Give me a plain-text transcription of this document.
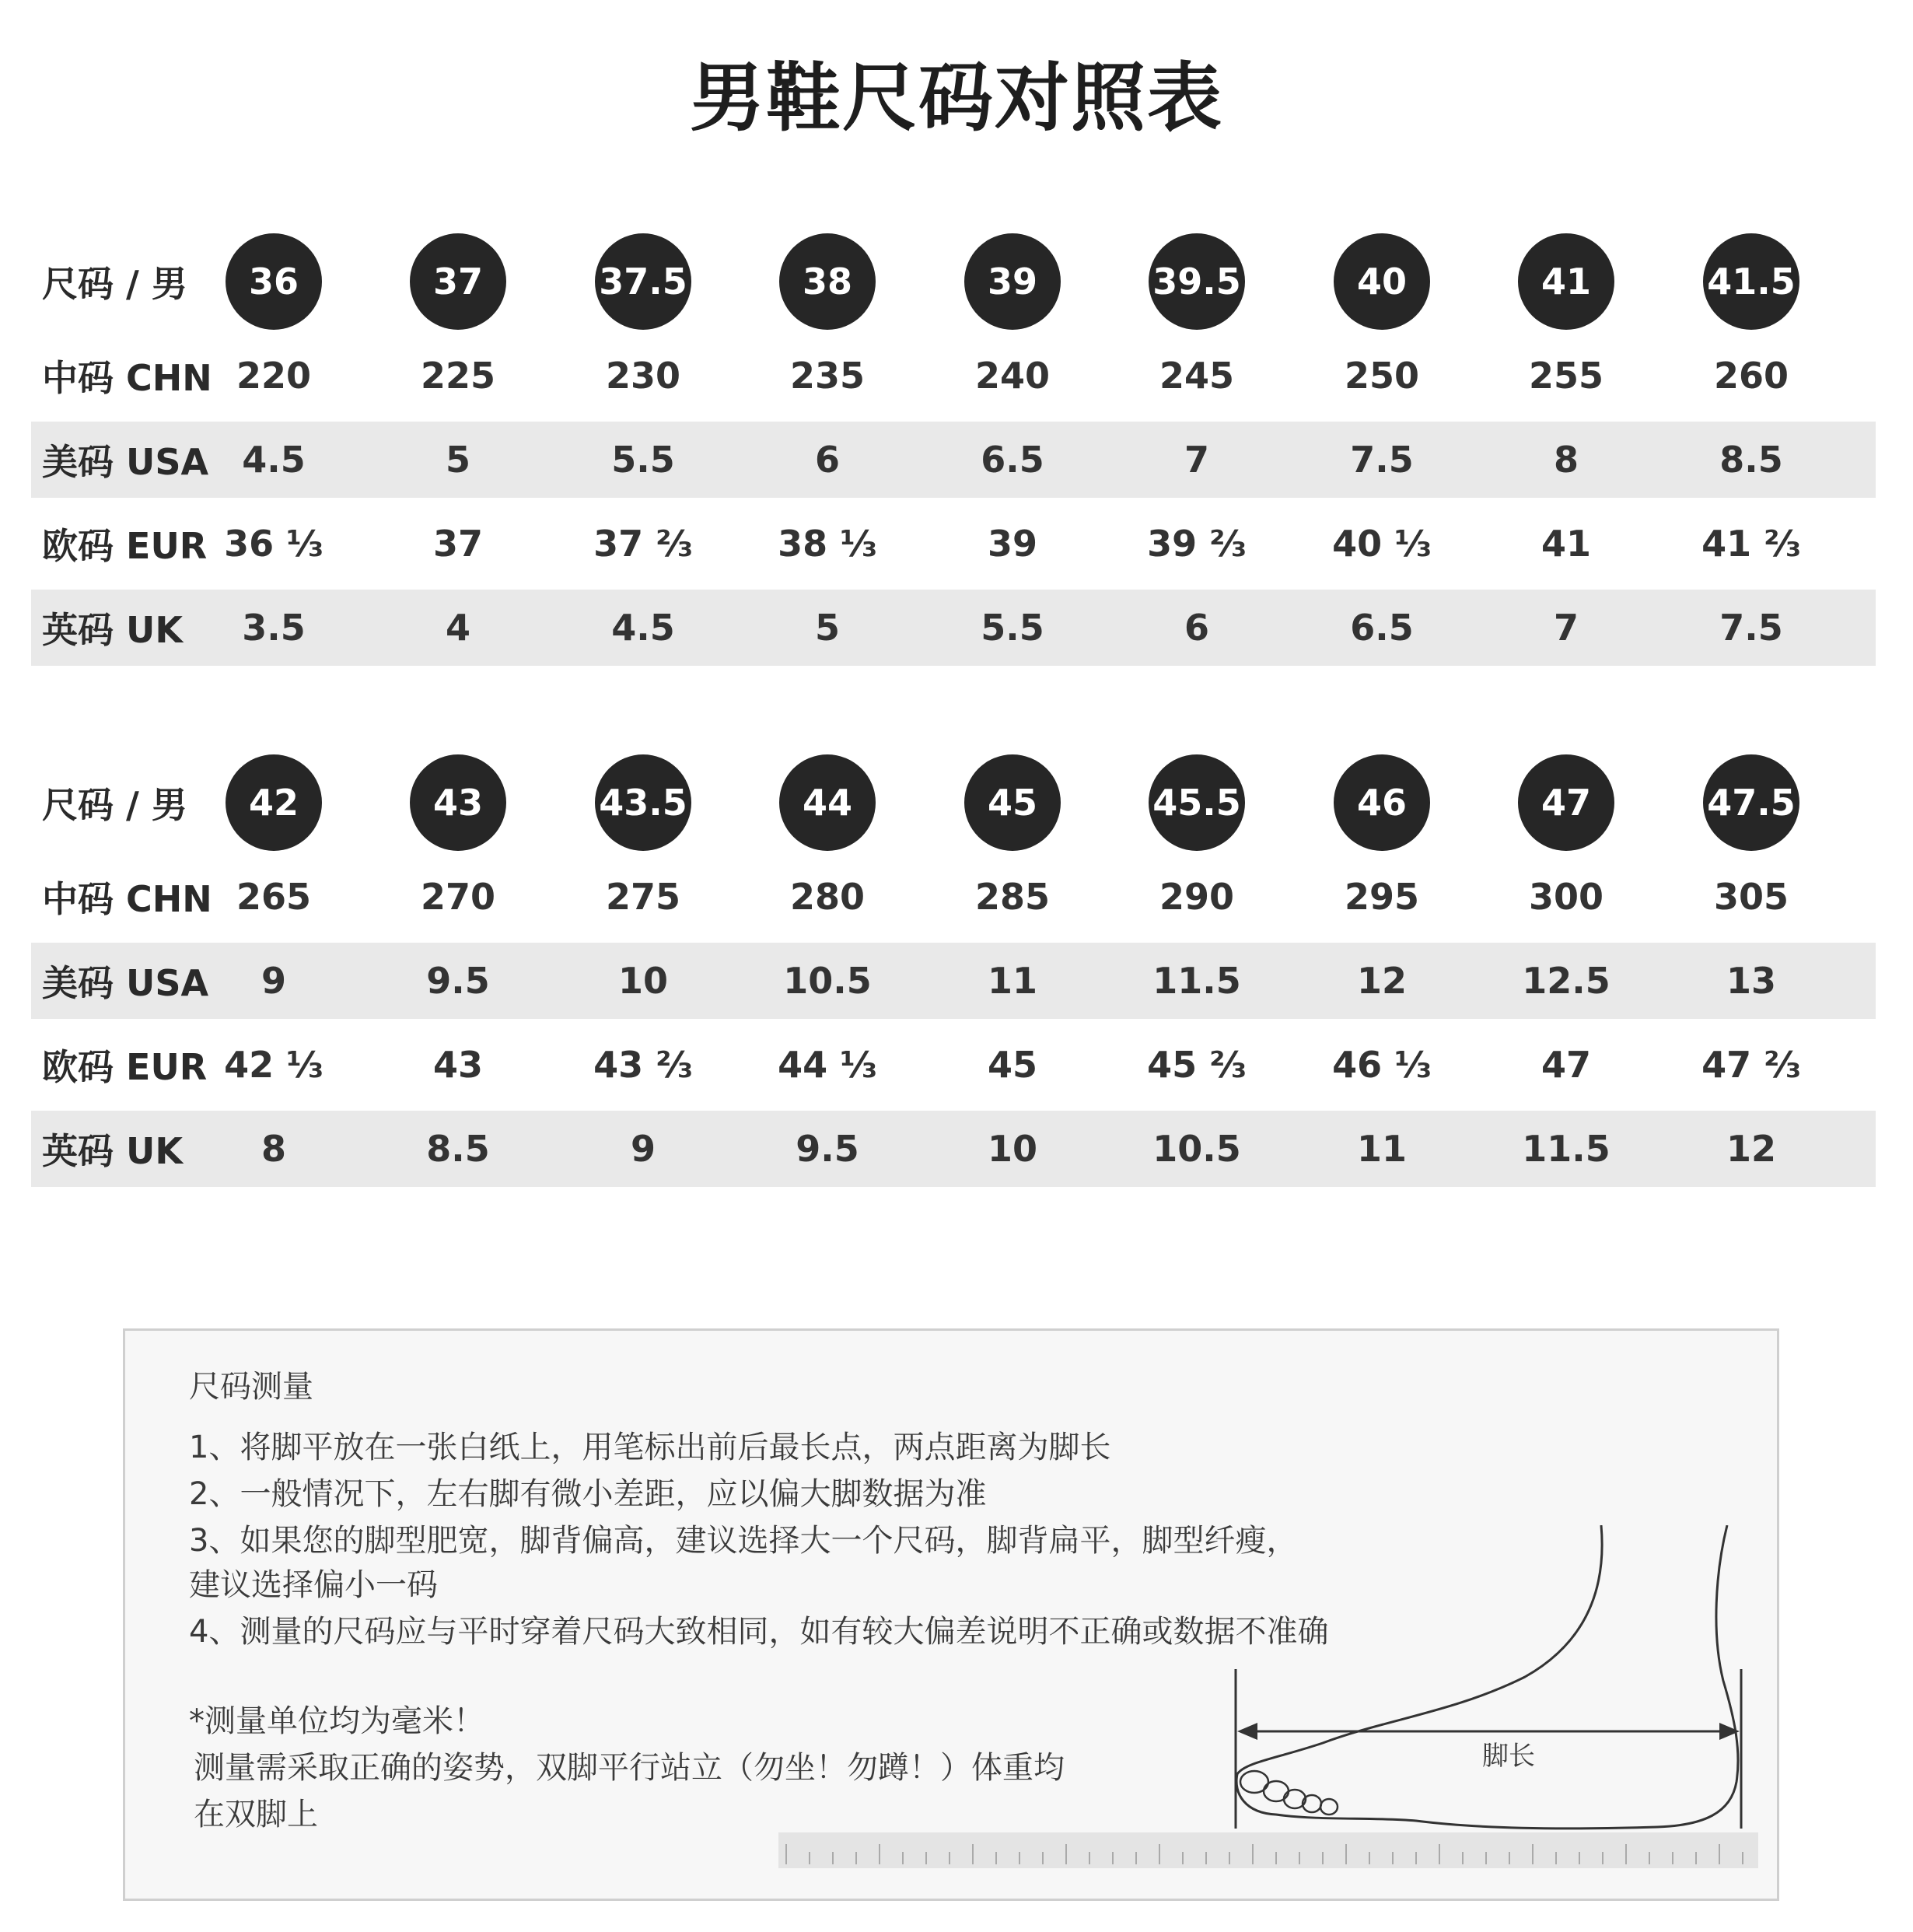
男鞋尺码对照表
尺码 / 男	36	37	37.5	38	39	39.5	40	41	41.5
中码 CHN 220	225	230	235	240	245	250	255	260
美码 USA 4.5	5	5.5	6	6.5	7	7.5	8	8.5
欧码 EUR 36 ⅓	37	37 ⅔	38 ⅓	39	39 ⅔	40 ⅓	41	41 ⅔
英码 UK	3.5	4	4.5	5	5.5	6	6.5	7	7.5
尺码 / 男	42	43	43.5	44	45	45.5	46	47	47.5
中码 CHN 265	270	275	280	285	290	295	300	305
美码 USA	9	9.5	10	10.5	11	11.5	12	12.5	13
欧码 EUR 42 ⅓	43	43 ⅔	44 ⅓	45	45 ⅔	46 ⅓	47	47 ⅔
英码 UK	8	8.5	9	9.5	10	10.5	11	11.5	12
尺码测量
1、将脚平放在一张白纸上，用笔标出前后最长点，两点距离为脚长
2、一般情况下，左右脚有微小差距，应以偏大脚数据为准
3、如果您的脚型肥宽，脚背偏高，建议选择大一个尺码，脚背扁平，脚型纤瘦，
建议选择偏小一码
4、测量的尺码应与平时穿着尺码大致相同，如有较大偏差说明不正确或数据不准确
*测量单位均为毫米！
测量需采取正确的姿势，双脚平行站立（勿坐！勿蹲！）体重均
在双脚上
脚长
